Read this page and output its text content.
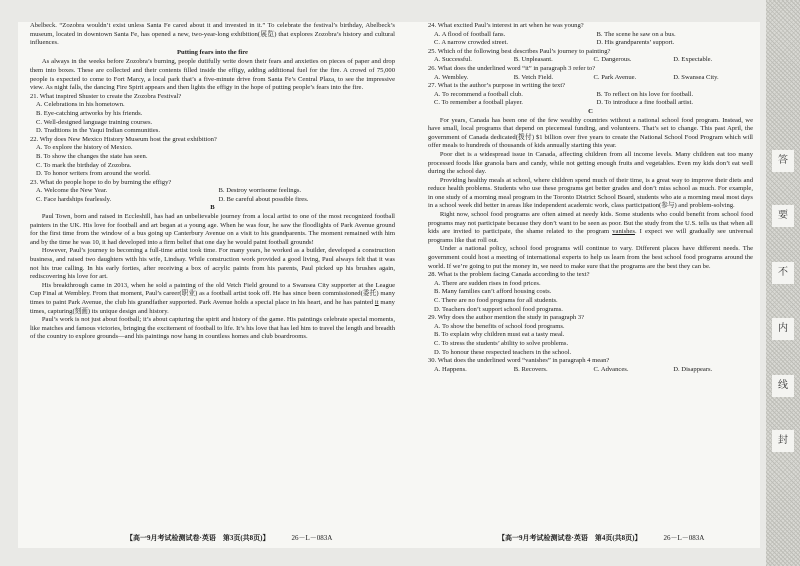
Abelbeck. “Zozobra wouldn’t exist unless Santa Fe cared about it and invested in it.” To celebrate the festival’s birthday, Abelbeck’s museum, located in downtown Santa Fe, has opened a new, two-year-long exhibition(展览) that explores Zozobra’s history and cultural influences.

Putting fears into the fire

As always in the weeks before Zozobra’s burning, people dutifully write down their fears and anxieties on pieces of paper and drop them into boxes. These are collected and their contents filled inside the effigy, adding additional fuel for the fire. A crowd of 75,000 people is expected to come to Fort Marcy, a local park that’s a five-minute drive from Santa Fe’s Central Plaza, to see the impressive view. As night falls, the dancing Fire Spirit appears and then lights the effigy in the hope of putting people’s fears into the fire.

21. What inspired Shuster to create the Zozobra Festival?

A. Celebrations in his hometown.

B. Eye-catching artworks by his friends.

C. Well-designed language training courses.

D. Traditions in the Yaqui Indian communities.

22. Why does New Mexico History Museum host the great exhibition?

A. To explore the history of Mexico.

B. To show the changes the state has seen.

C. To mark the birthday of Zozobra.

D. To honor writers from around the world.

23. What do people hope to do by burning the effigy?

A. Welcome the New Year.	B. Destroy worrisome feelings.
C. Face hardships fearlessly.	D. Be careful about possible fires.

B

Paul Town, born and raised in Eccleshill, has had an unbelievable journey from a local artist to one of the most recognized football painters in the UK. His love for football and art began at a young age. When he was four, he saw the floodlights of Park Avenue ground for the first time from the window of a bus going up Canterbury Avenue on a visit to his grandparents. The moment remained with him and by the time he was 10, it had developed into a firm belief that one day he would paint football grounds!

However, Paul’s journey to becoming a full-time artist took time. For many years, he worked as a builder, developed a construction business, and raised two daughters with his wife, Lindsay. While construction work provided a good living, Paul always felt that it was not his true calling. In his early forties, after receiving a box of acrylic paints from his parents, Paul picked up his brushes again, rediscovering his love for art.

His breakthrough came in 2013, when he sold a painting of the old Vetch Field ground to a Swansea City supporter at the League Cup Final at Wembley. From that moment, Paul’s career(职业) as a football artist took off. He has since been commissioned(委托) many times to paint Park Avenue, the club his grandfather supported. Park Avenue holds a special place in his heart, and he has painted it many times, capturing(刻画) its unique design and history.

Paul’s work is not just about football; it’s about capturing the spirit and history of the game. His paintings celebrate special moments, like matches and famous victories, bringing the excitement of football to life. It’s his love that has led him to travel the length and breadth of the country to explore grounds—and his paintings now hang in countless homes and club boardrooms.

【高一9月考试检测试卷·英语　第3页(共8页)】	26－L－083A

24. What excited Paul’s interest in art when he was young?

A. A flood of football fans.	B. The scene he saw on a bus.
C. A narrow crowded street.	D. His grandparents’ support.

25. Which of the following best describes Paul’s journey to painting?

A. Successful.	B. Unpleasant.	C. Dangerous.	D. Expectable.

26. What does the underlined word “it” in paragraph 3 refer to?

A. Wembley.	B. Vetch Field.	C. Park Avenue.	D. Swansea City.

27. What is the author’s purpose in writing the text?

A. To recommend a football club.	B. To reflect on his love for football.
C. To remember a football player.	D. To introduce a fine football artist.

C

For years, Canada has been one of the few wealthy countries without a national school food program. Instead, we have small, local programs that depend on piecemeal funding, and volunteers. That’s set to change. This past April, the government of Canada dedicated(拨付) $1 billion over five years to create the National School Food Program which will offer meals to hundreds of thousands of kids annually starting this year.

Poor diet is a widespread issue in Canada, affecting children from all income levels. Many children eat too many processed foods like granola bars and candy, while not getting enough fruits and vegetables. Even my kids don’t eat well during the school day.

Providing healthy meals at school, where children spend much of their time, is a great way to improve their diets and reduce health problems. Students who use these programs get better grades and don’t miss school as much. For example, in one study of a morning meal program in the Toronto District School Board, students who ate a morning meal most days in a school week did better in areas like independent academic work, class participation(参与) and problem-solving.

Right now, school food programs are often aimed at needy kids. Some students who could benefit from school food programs may not participate because they don’t want to be seen as poor. But the study from the U.S. tells us that when all kids are invited to participate, the shame related to the program vanishes. I expect we will gradually see universal programs like that roll out.

Under a national policy, school food programs will continue to vary. Different places have different needs. The government could host a meeting of international experts to help us learn from the best school food programs around the world. If we’re going to put the money in, we need to make sure that the programs are the best they can be.

28. What is the problem facing Canada according to the text?

A. There are sudden rises in food prices.

B. Many families can’t afford housing costs.

C. There are no food programs for all students.

D. Teachers don’t support school food programs.

29. Why does the author mention the study in paragraph 3?

A. To show the benefits of school food programs.

B. To explain why children must eat a tasty meal.

C. To stress the students’ ability to solve problems.

D. To honour these respected teachers in the school.

30. What does the underlined word “vanishes” in paragraph 4 mean?

A. Happens.	B. Recovers.	C. Advances.	D. Disappears.
【高一9月考试检测试卷·英语　第4页(共8页)】	26－L－083A
答
要
不
内
线
封
